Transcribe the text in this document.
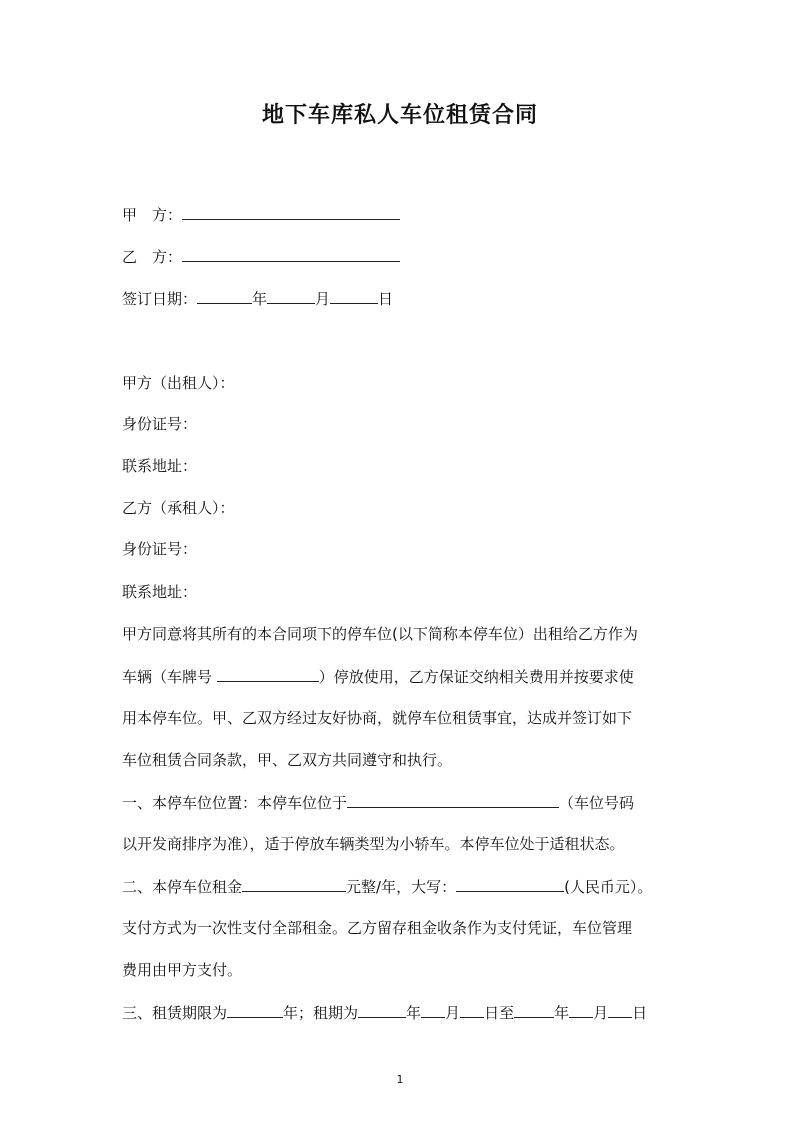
地下车库私人车位租赁合同
甲　方：
乙　方：
签订日期：	年	月	日
甲方（出租人）：
身份证号：
联系地址：
乙方（承租人）：
身份证号：
联系地址：
甲方同意将其所有的本合同项下的停车位(以下简称本停车位）出租给乙方作为
车辆（车牌号	）停放使用，乙方保证交纳相关费用并按要求使
用本停车位。甲、乙双方经过友好协商，就停车位租赁事宜，达成并签订如下
车位租赁合同条款，甲、乙双方共同遵守和执行。
一、本停车位位置：本停车位位于	（车位号码
以开发商排序为准），适于停放车辆类型为小轿车。本停车位处于适租状态。
二、本停车位租金	元整/年，大写：	(人民币元）。
支付方式为一次性支付全部租金。乙方留存租金收条作为支付凭证，车位管理
费用由甲方支付。
三、租赁期限为	年；租期为	年 月 日至	年 月 日
1
